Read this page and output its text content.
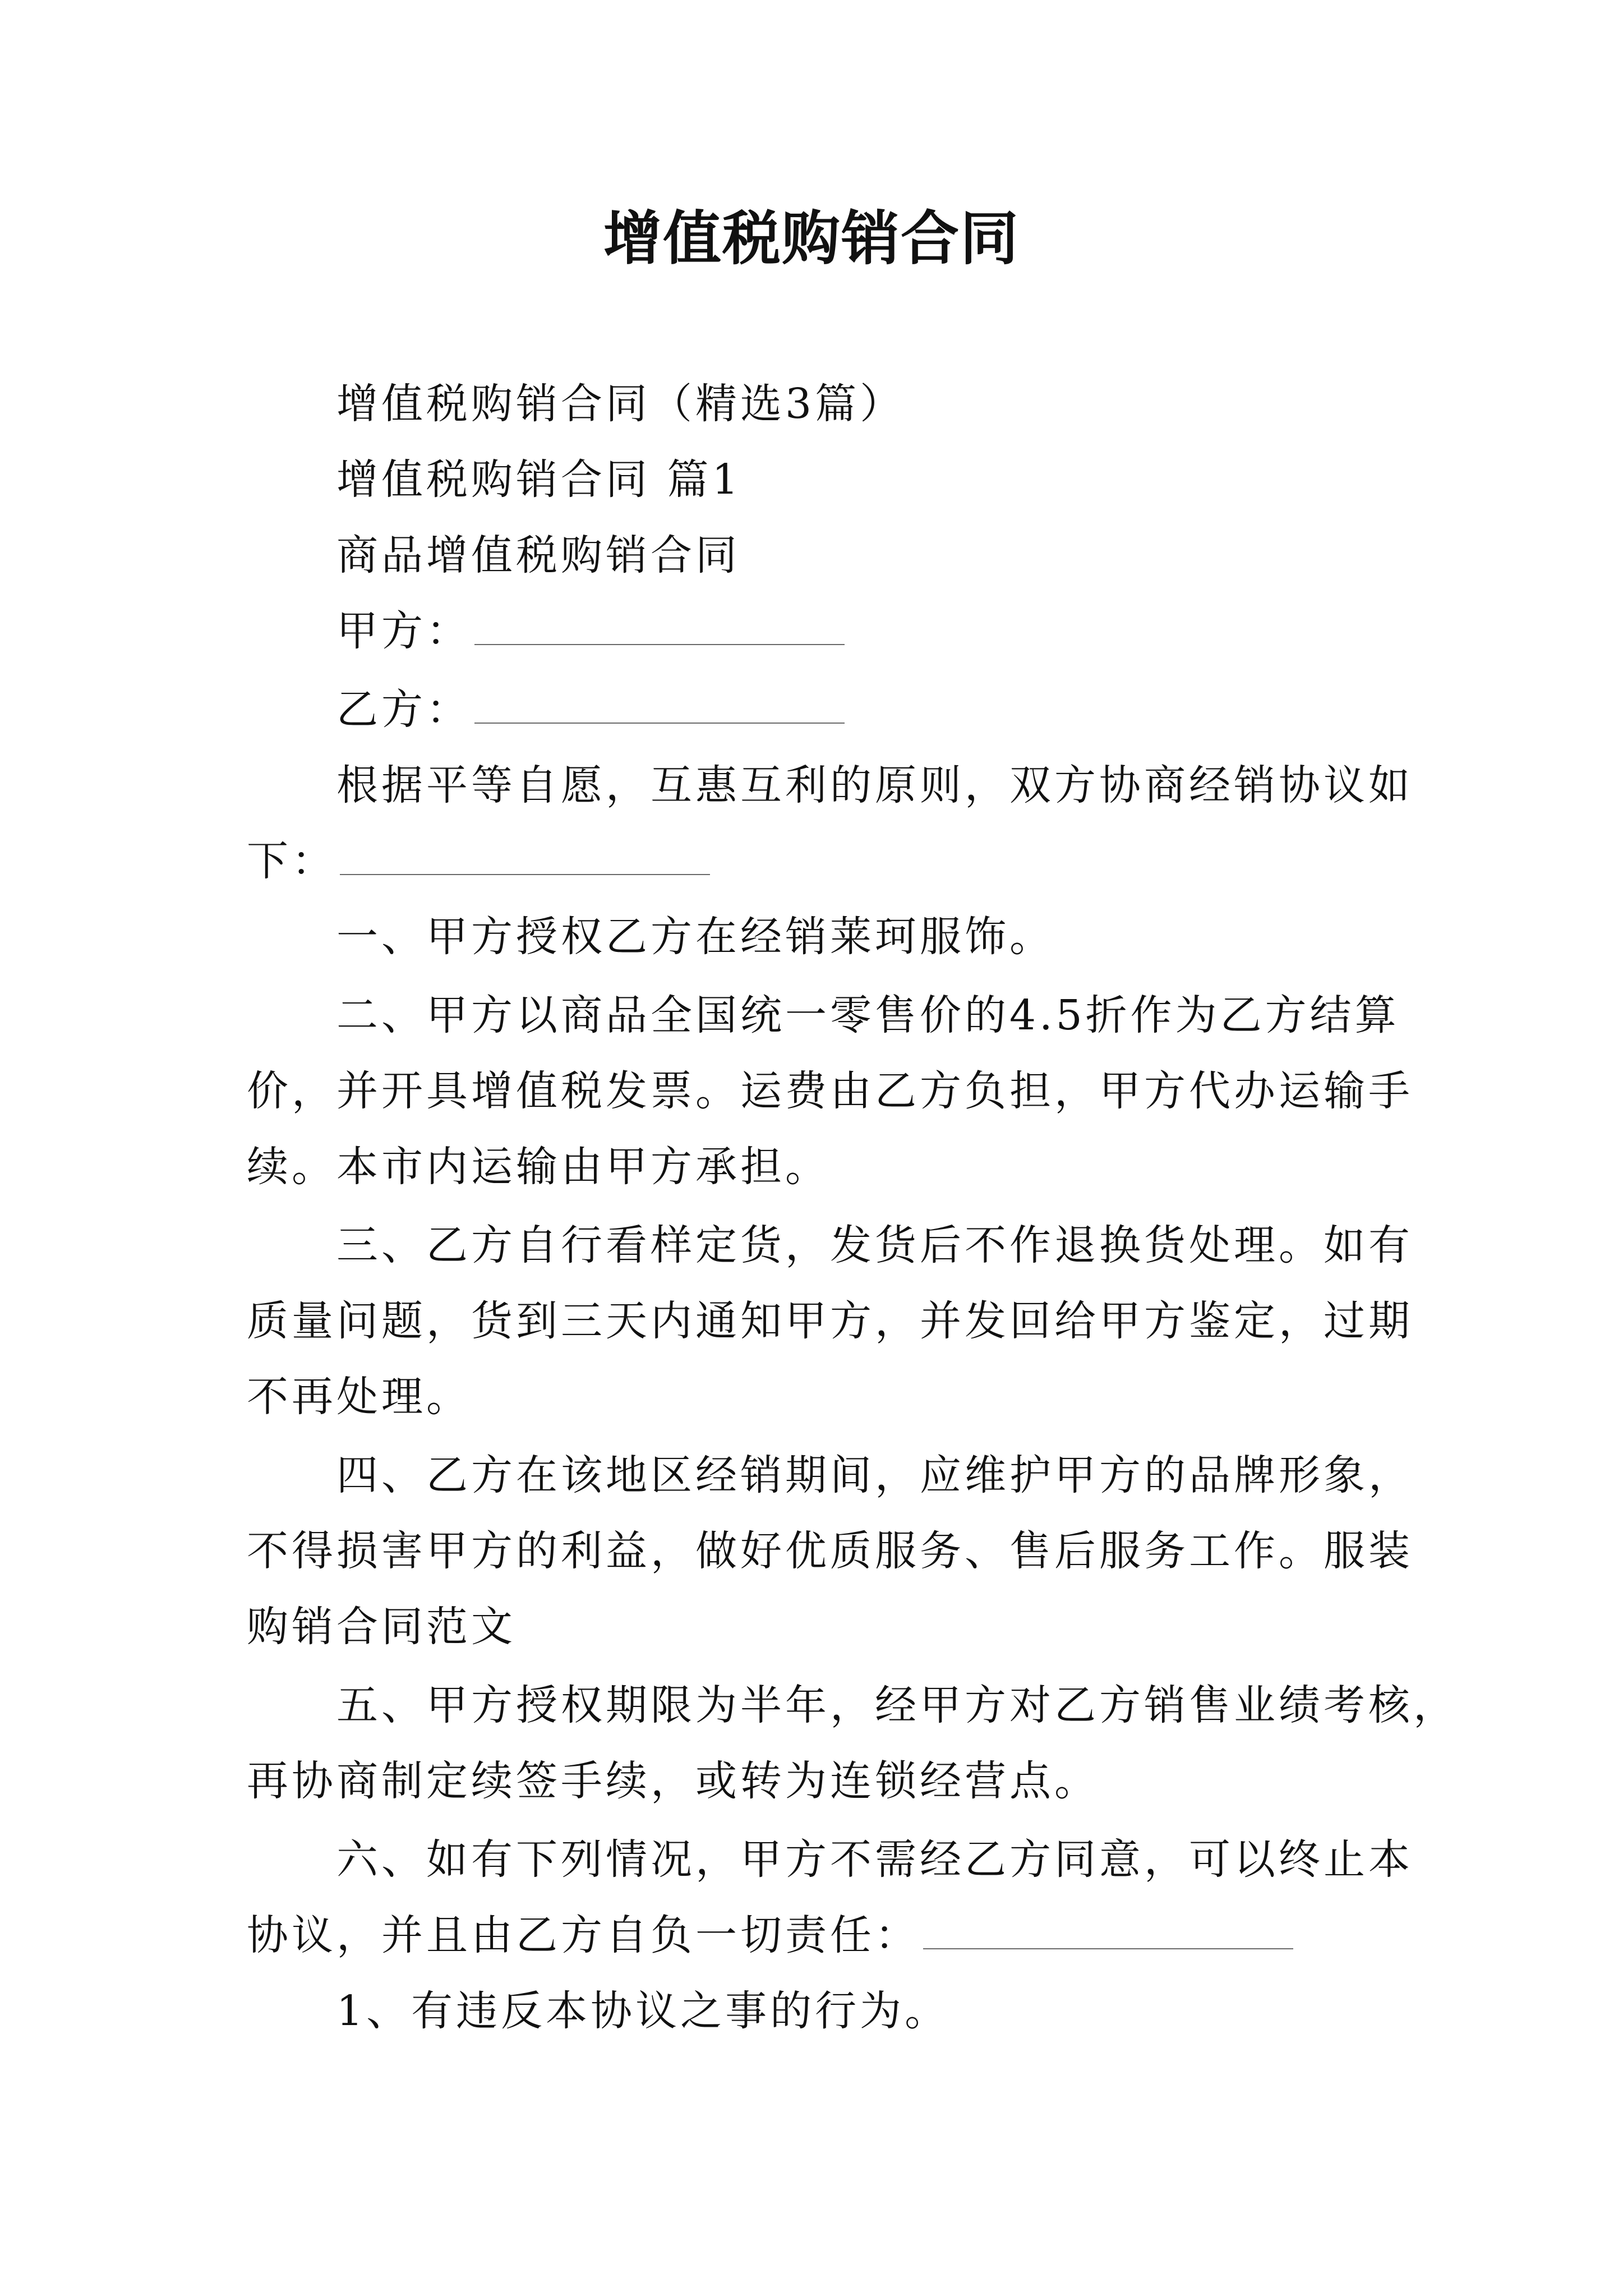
增值税购销合同
增值税购销合同（精选3篇）
增值税购销合同 篇1
商品增值税购销合同
甲方：
乙方：
根据平等自愿，互惠互利的原则，双方协商经销协议如
下：
一、甲方授权乙方在经销莱珂服饰。
二、甲方以商品全国统一零售价的4.5折作为乙方结算
价，并开具增值税发票。运费由乙方负担，甲方代办运输手
续。本市内运输由甲方承担。
三、乙方自行看样定货，发货后不作退换货处理。如有
质量问题，货到三天内通知甲方，并发回给甲方鉴定，过期
不再处理。
四、乙方在该地区经销期间，应维护甲方的品牌形象，
不得损害甲方的利益，做好优质服务、售后服务工作。服装
购销合同范文
五、甲方授权期限为半年，经甲方对乙方销售业绩考核，
再协商制定续签手续，或转为连锁经营点。
六、如有下列情况，甲方不需经乙方同意，可以终止本
协议，并且由乙方自负一切责任：
1、有违反本协议之事的行为。
